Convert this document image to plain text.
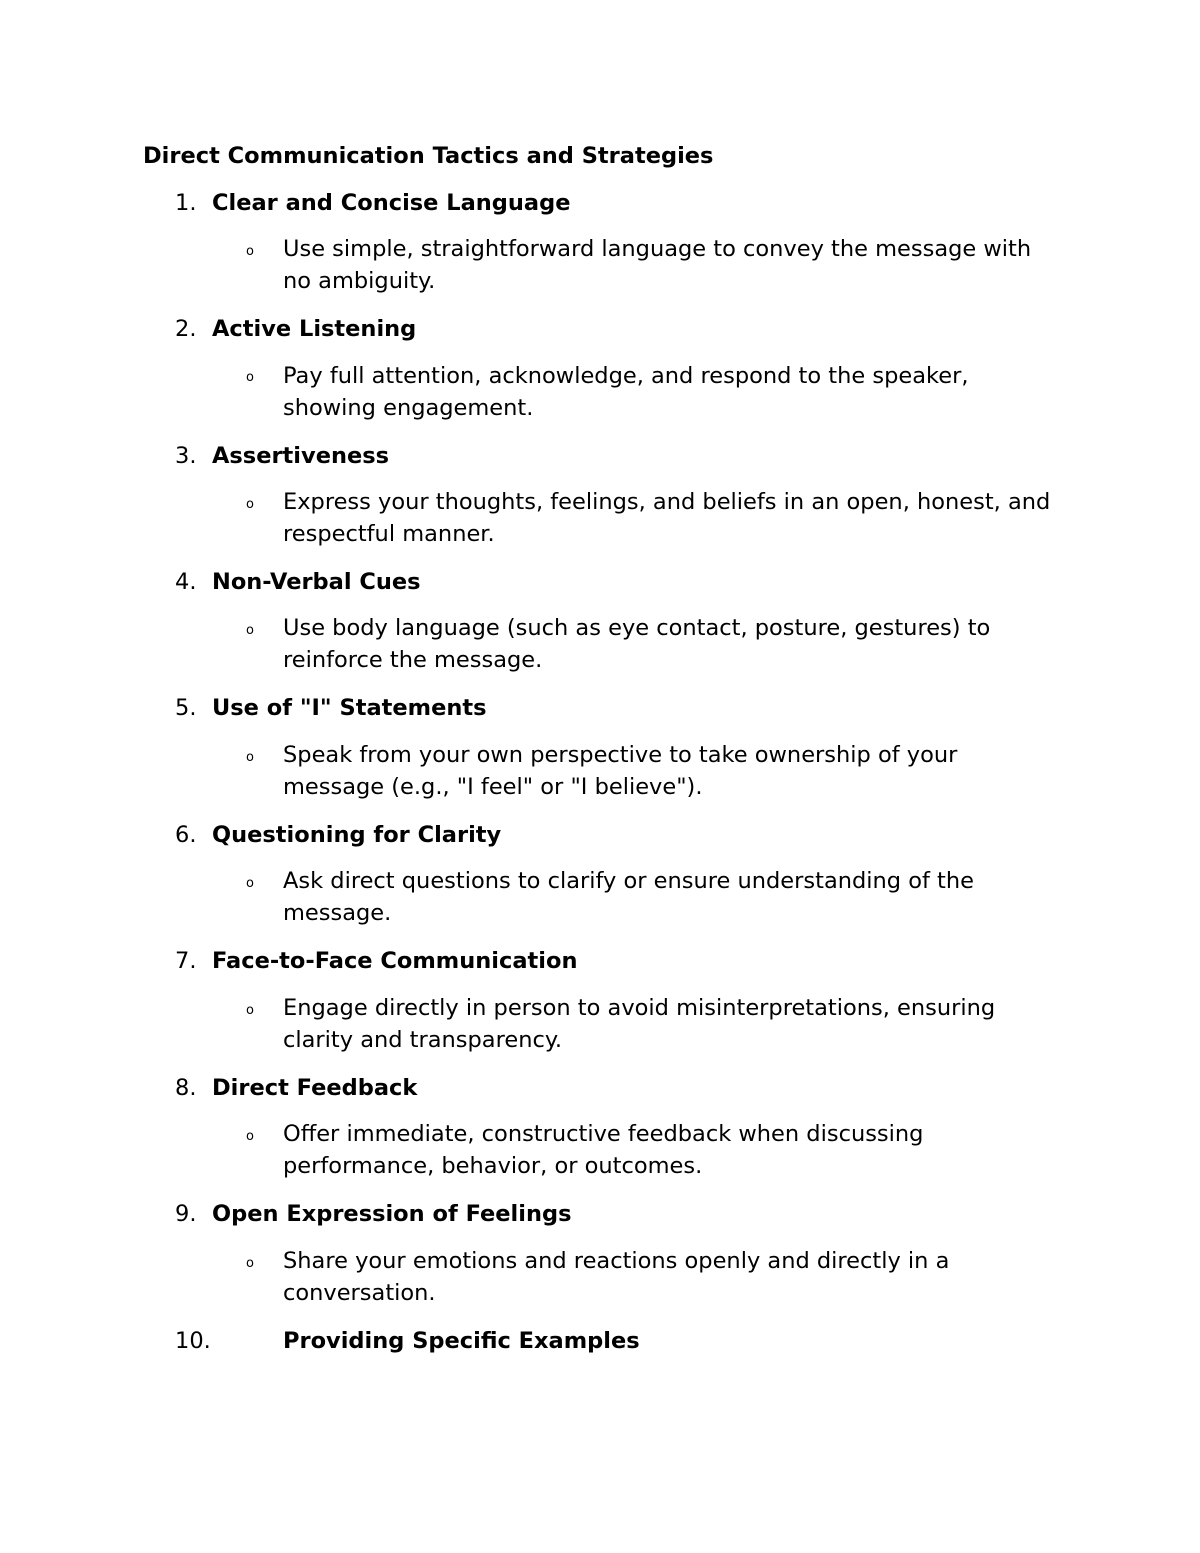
Direct Communication Tactics and Strategies
1. Clear and Concise Language
o Use simple, straightforward language to convey the message with no ambiguity.
2. Active Listening
o Pay full attention, acknowledge, and respond to the speaker, showing engagement.
3. Assertiveness
o Express your thoughts, feelings, and beliefs in an open, honest, and respectful manner.
4. Non-Verbal Cues
o Use body language (such as eye contact, posture, gestures) to reinforce the message.
5. Use of "I" Statements
o Speak from your own perspective to take ownership of your message (e.g., "I feel" or "I believe").
6. Questioning for Clarity
o Ask direct questions to clarify or ensure understanding of the message.
7. Face-to-Face Communication
o Engage directly in person to avoid misinterpretations, ensuring clarity and transparency.
8. Direct Feedback
o Offer immediate, constructive feedback when discussing performance, behavior, or outcomes.
9. Open Expression of Feelings
o Share your emotions and reactions openly and directly in a conversation.
10.	Providing Specific Examples
